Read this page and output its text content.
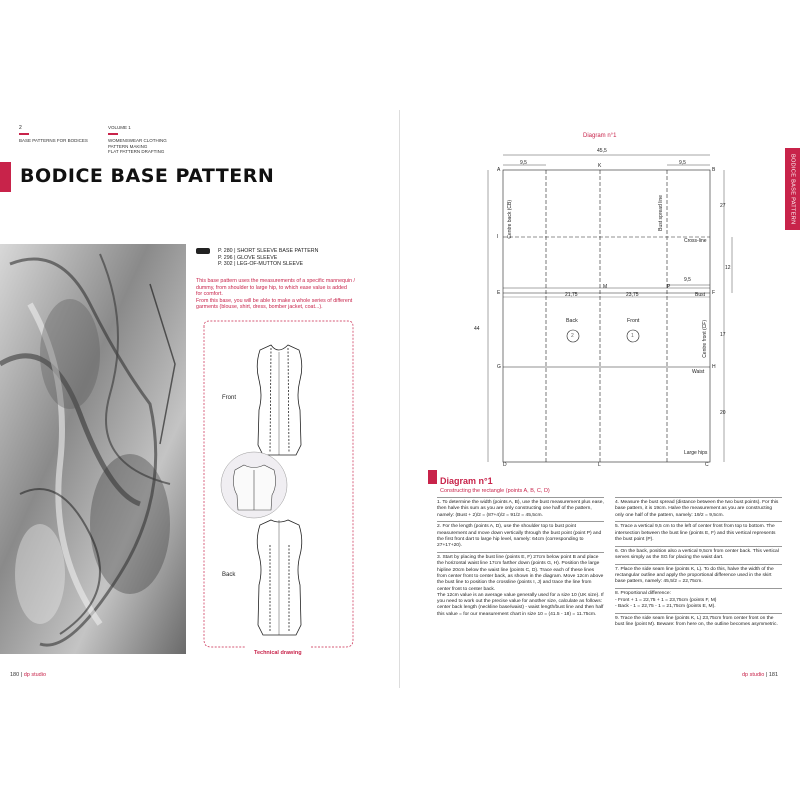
2
BASE PATTERNS FOR BODICES
VOLUME 1
WOMENSWEAR CLOTHING
PATTERN MAKING
FLAT PATTERN DRAFTING
BODICE BASE PATTERN
P. 280 | SHORT SLEEVE BASE PATTERN
P. 296 | GLOVE SLEEVE
P. 302 | LEG-OF-MUTTON SLEEVE
This base pattern uses the measurements of a specific mannequin /
dummy, from shoulder to large hip, to which ease value is added
for comfort.
From this base, you will be able to make a whole series of different
garments (blouse, shirt, dress, bomber jacket, coat...).
Front
Back
Technical drawing
180 | dp studio
BODICE BASE PATTERN
Diagram n°1
45,5
9,5	9,5
44
A
K
B
I
E
M	P
F
G	H
D	L	C
21,75	23,75
9,5
27
12
17
20
Cross-line
Bust
Waist
Large hips
Back	Front
2	1
Centre back (CB)	Bust spread line
Centre front (CF)
Diagram n°1
Constructing the rectangle (points A, B, C, D)

1. To determine the width (points A, B), use the bust measurement plus ease, then halve this sum as you are only constructing one half of the pattern, namely: (Bust + 2)/2 = (87+4)/2 = 91/2 = 45,5cm.

2. For the length (points A, D), use the shoulder top to bust point measurement and move down vertically through the bust point (point P) and the first front dart to large hip level, namely: 64cm (corresponding to 27+17+20).

3. Start by placing the bust line (points E, F) 27cm below point B and place the horizontal waist line 17cm farther down (points G, H). Position the large hipline 20cm below the waist line (points C, D). Trace each of these lines from center front to center back, as shown in the diagram. Move 12cm above the bust line to position the crossline (points I, J) and trace the line from center front to center back.

The 12cm value is an average value generally used for a size 10 (UK size). If you need to work out the precise value for another size, calculate as follows: center back length (neckline base/waist) - waist length/bust line and then half this value = for our measurement chart in size 10 = (41.5 - 18) = 11.75cm.

4. Measure the bust spread (distance between the two bust points). For this base pattern, it is 19cm. Halve the measurement as you are constructing only one half of the pattern, namely: 19/2 = 9,5cm.

5. Trace a vertical 9,5 cm to the left of center front from top to bottom. The intersection between the bust line (points E, F) and this vertical represents the bust point (P).

6. On the back, position also a vertical 9,5cm from center back. This vertical serves simply as the SG for placing the waist dart.

7. Place the side seam line (points K, L). To do this, halve the width of the rectangular outline and apply the proportional difference used in the skirt base pattern, namely: 45,5/2 = 22,75cm.

8. Proportional difference:

- Front + 1 = 22,75 + 1 = 23,75cm (points F, M)

- Back - 1 = 22,75 - 1 = 21,75cm (points E, M).

9. Trace the side seam line (points K, L) 23,75cm from center front on the bust line (point M). Beware: from here on, the outline becomes asymmetric.

dp studio | 181
